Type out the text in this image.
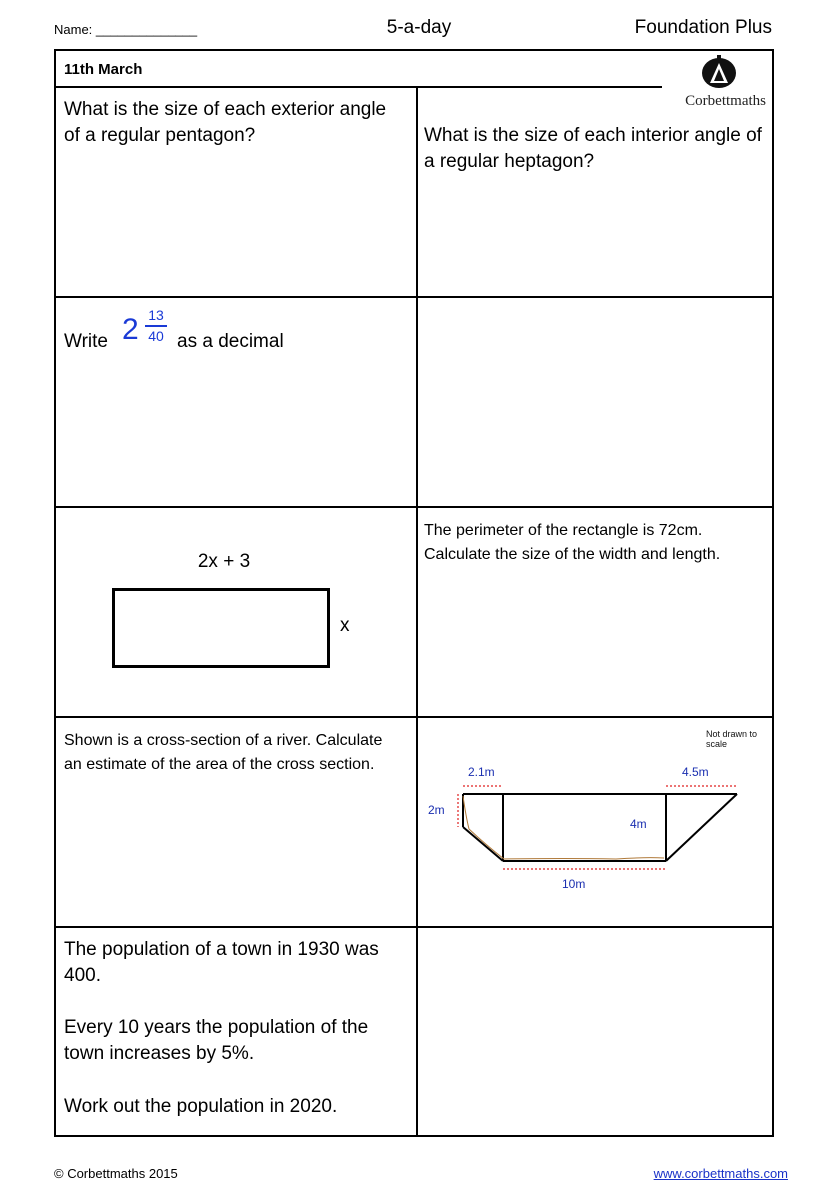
Name: ______________	5-a-day	Foundation Plus
11th March
Corbettmaths
What is the size of each exterior angle of a regular pentagon?	What is the size of each interior angle of a regular heptagon?
Write 2 13
40 as a decimal
2x + 3
x
The perimeter of the rectangle is 72cm. Calculate the size of the width and length.
Shown is a cross-section of a river. Calculate an estimate of the area of the cross section.
Not drawn to scale
2.1m	4.5m
2m
4m
10m
The population of a town in 1930 was 400.
Every 10 years the population of the town increases by 5%.
Work out the population in 2020.
© Corbettmaths 2015	www.corbettmaths.com
